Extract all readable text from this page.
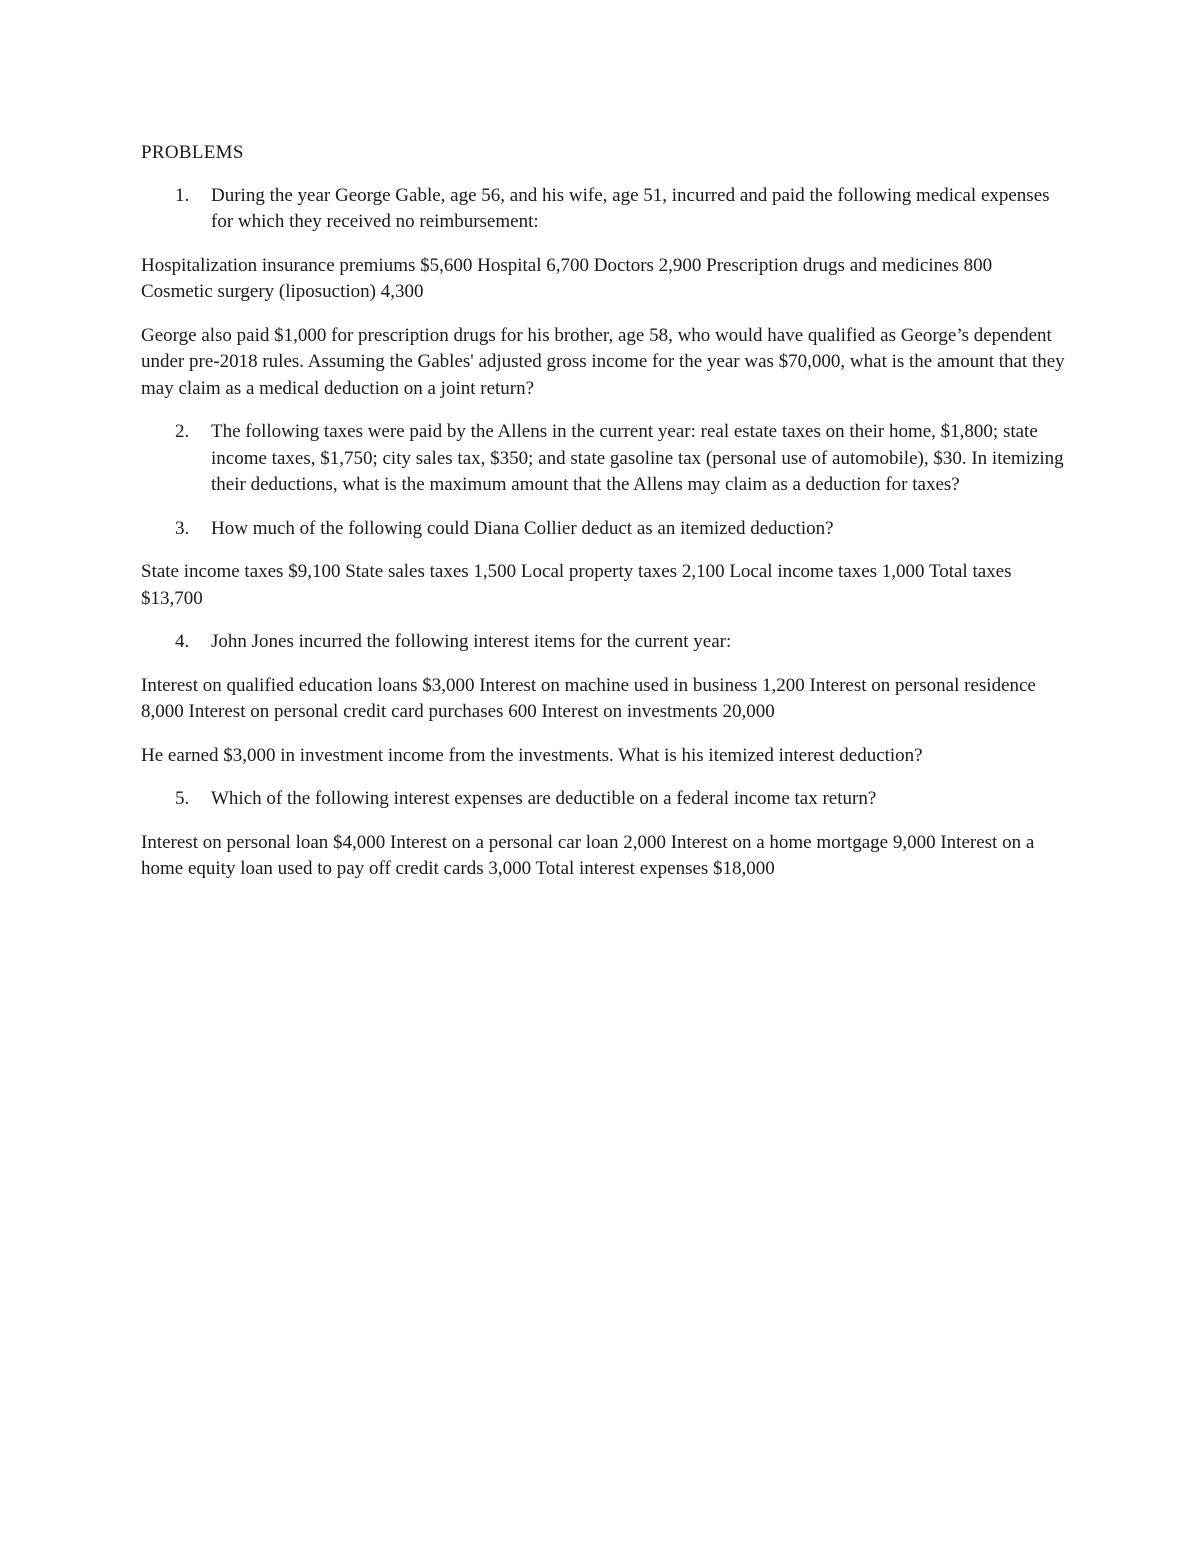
PROBLEMS
1. During the year George Gable, age 56, and his wife, age 51, incurred and paid the following medical expenses for which they received no reimbursement:
Hospitalization insurance premiums $5,600 Hospital 6,700 Doctors 2,900 Prescription drugs and medicines 800 Cosmetic surgery (liposuction) 4,300
George also paid $1,000 for prescription drugs for his brother, age 58, who would have qualified as George’s dependent under pre-2018 rules. Assuming the Gables' adjusted gross income for the year was $70,000, what is the amount that they may claim as a medical deduction on a joint return?
2. The following taxes were paid by the Allens in the current year: real estate taxes on their home, $1,800; state income taxes, $1,750; city sales tax, $350; and state gasoline tax (personal use of automobile), $30. In itemizing their deductions, what is the maximum amount that the Allens may claim as a deduction for taxes?
3. How much of the following could Diana Collier deduct as an itemized deduction?
State income taxes $9,100 State sales taxes 1,500 Local property taxes 2,100 Local income taxes 1,000 Total taxes $13,700
4. John Jones incurred the following interest items for the current year:
Interest on qualified education loans $3,000 Interest on machine used in business 1,200 Interest on personal residence 8,000 Interest on personal credit card purchases 600 Interest on investments 20,000
He earned $3,000 in investment income from the investments. What is his itemized interest deduction?
5. Which of the following interest expenses are deductible on a federal income tax return?
Interest on personal loan $4,000 Interest on a personal car loan 2,000 Interest on a home mortgage 9,000 Interest on a home equity loan used to pay off credit cards 3,000 Total interest expenses $18,000
